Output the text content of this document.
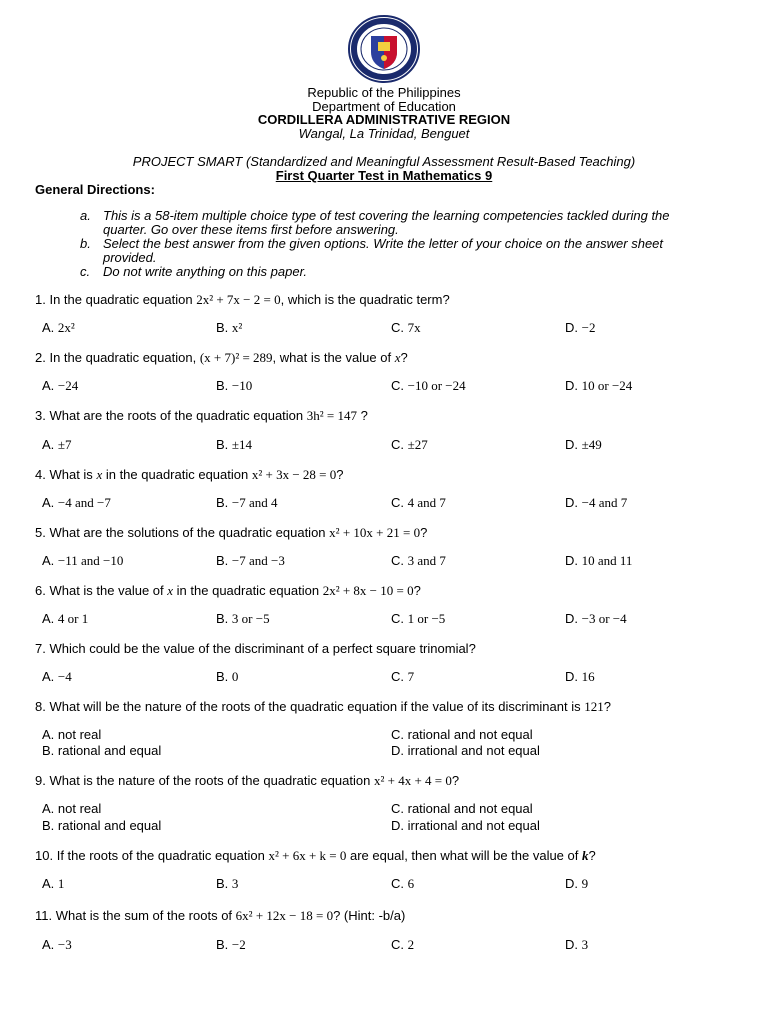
Republic of the Philippines
Department of Education
CORDILLERA ADMINISTRATIVE REGION
Wangal, La Trinidad, Benguet
PROJECT SMART (Standardized and Meaningful Assessment Result-Based Teaching)
First Quarter Test in Mathematics 9
General Directions:
a. This is a 58-item multiple choice type of test covering the learning competencies tackled during the quarter. Go over these items first before answering.
b. Select the best answer from the given options. Write the letter of your choice on the answer sheet provided.
c. Do not write anything on this paper.
1. In the quadratic equation 2x² + 7x − 2 = 0, which is the quadratic term?
A. 2x²	B. x²	C. 7x	D. −2
2. In the quadratic equation, (x + 7)² = 289, what is the value of x?
A. −24	B. −10	C. −10 or −24	D. 10 or −24
3. What are the roots of the quadratic equation 3h² = 147 ?
A. ±7	B. ±14	C. ±27	D. ±49
4. What is x in the quadratic equation x² + 3x − 28 = 0?
A. −4 and −7	B. −7 and 4	C. 4 and 7	D. −4 and 7
5. What are the solutions of the quadratic equation x² + 10x + 21 = 0?
A. −11 and −10	B. −7 and −3	C. 3 and 7	D. 10 and 11
6. What is the value of x in the quadratic equation 2x² + 8x − 10 = 0?
A. 4 or 1	B. 3 or −5	C. 1 or −5	D. −3 or −4
7. Which could be the value of the discriminant of a perfect square trinomial?
A. −4	B. 0	C. 7	D. 16
8. What will be the nature of the roots of the quadratic equation if the value of its discriminant is 121?
A. not real	C. rational and not equal
B. rational and equal	D. irrational and not equal
9. What is the nature of the roots of the quadratic equation x² + 4x + 4 = 0?
A. not real	C. rational and not equal
B. rational and equal	D. irrational and not equal
10. If the roots of the quadratic equation x² + 6x + k = 0 are equal, then what will be the value of k?
A. 1	B. 3	C. 6	D. 9
11. What is the sum of the roots of 6x² + 12x − 18 = 0? (Hint: -b/a)
A. −3	B. −2	C. 2	D. 3
